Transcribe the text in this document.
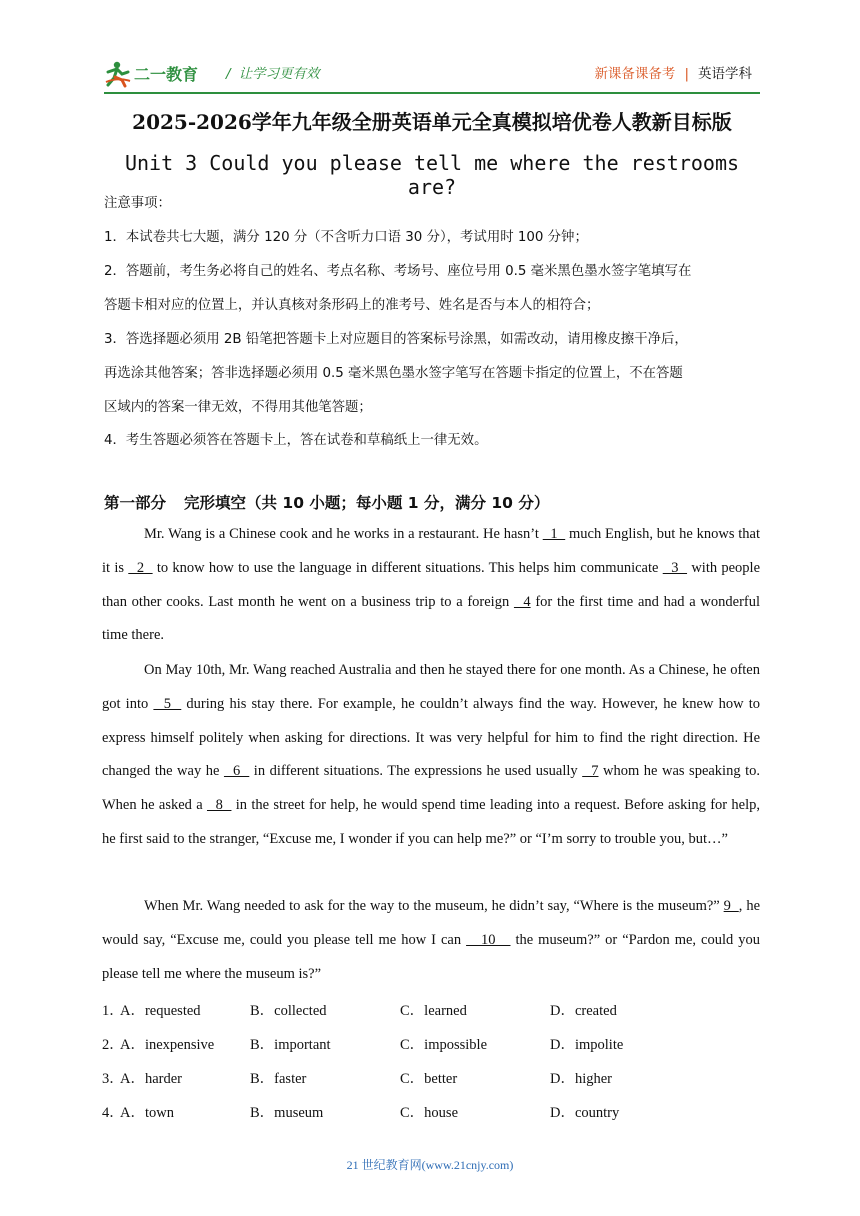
二一教育 / 让学习更有效	新课备课备考 | 英语学科
2025-2026学年九年级全册英语单元全真模拟培优卷人教新目标版
Unit 3 Could you please tell me where the restrooms are?
注意事项：
1．本试卷共七大题，满分 120 分（不含听力口语 30 分），考试用时 100 分钟；
2．答题前，考生务必将自己的姓名、考点名称、考场号、座位号用 0.5 毫米黑色墨水签字笔填写在
答题卡相对应的位置上，并认真核对条形码上的准考号、姓名是否与本人的相符合；
3．答选择题必须用 2B 铅笔把答题卡上对应题目的答案标号涂黑，如需改动，请用橡皮擦干净后，
再选涂其他答案；答非选择题必须用 0.5 毫米黑色墨水签字笔写在答题卡指定的位置上，不在答题
区域内的答案一律无效，不得用其他笔答题；
4．考生答题必须答在答题卡上，答在试卷和草稿纸上一律无效。
第一部分 完形填空（共 10 小题；每小题 1 分，满分 10 分）
Mr. Wang is a Chinese cook and he works in a restaurant. He hasn’t   1   much English, but he knows that it is   2   to know how to use the language in different situations. This helps him communicate   3   with people than other cooks. Last month he went on a business trip to a foreign   4 for the first time and had a wonderful time there.
On May 10th, Mr. Wang reached Australia and then he stayed there for one month. As a Chinese, he often got into   5   during his stay there. For example, he couldn’t always find the way. However, he knew how to express himself politely when asking for directions. It was very helpful for him to find the right direction. He changed the way he   6   in different situations. The expressions he used usually   7 whom he was speaking to. When he asked a   8   in the street for help, he would spend time leading into a request. Before asking for help, he first said to the stranger, “Excuse me, I wonder if you can help me?” or “I’m sorry to trouble you, but…”
When Mr. Wang needed to ask for the way to the museum, he didn’t say, “Where is the museum?” 9  , he would say, “Excuse me, could you please tell me how I can    10    the museum?” or “Pardon me, could you please tell me where the museum is?”
1．
A．requested	B．collected	C．learned	D．created
2．
A．inexpensive B．important	C．impossible	D．impolite
3．
A．harder	B．faster	C．better	D．higher
4．
A．town	B．museum	C．house	D．country
21 世纪教育网(www.21cnjy.com)
